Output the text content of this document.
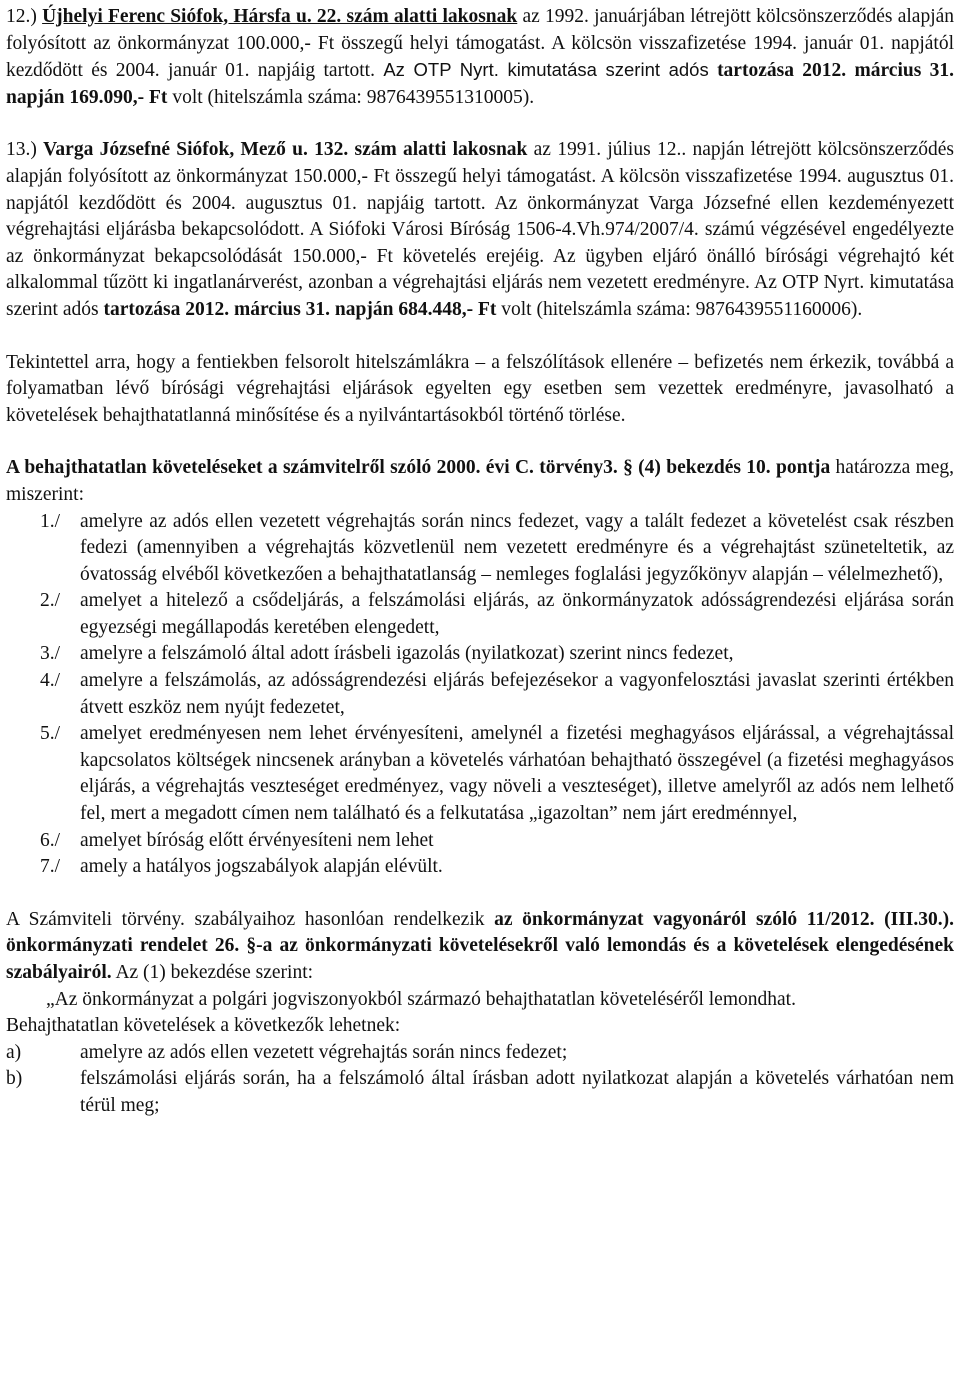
12.) Újhelyi Ferenc Siófok, Hársfa u. 22. szám alatti lakosnak az 1992. januárjában létrejött kölcsönszerződés alapján folyósított az önkormányzat 100.000,- Ft összegű helyi támogatást. A kölcsön visszafizetése 1994. január 01. napjától kezdődött és 2004. január 01. napjáig tartott. Az OTP Nyrt. kimutatása szerint adós tartozása 2012. március 31. napján 169.090,- Ft volt (hitelszámla száma: 9876439551310005).

13.) Varga Józsefné Siófok, Mező u. 132. szám alatti lakosnak az 1991. július 12.. napján létrejött kölcsönszerződés alapján folyósított az önkormányzat 150.000,- Ft összegű helyi támogatást. A kölcsön visszafizetése 1994. augusztus 01. napjától kezdődött és 2004. augusztus 01. napjáig tartott. Az önkormányzat Varga Józsefné ellen kezdeményezett végrehajtási eljárásba bekapcsolódott. A Siófoki Városi Bíróság 1506-4.Vh.974/2007/4. számú végzésével engedélyezte az önkormányzat bekapcsolódását 150.000,- Ft követelés erejéig. Az ügyben eljáró önálló bírósági végrehajtó két alkalommal tűzött ki ingatlanárverést, azonban a végrehajtási eljárás nem vezetett eredményre. Az OTP Nyrt. kimutatása szerint adós tartozása 2012. március 31. napján 684.448,- Ft volt (hitelszámla száma: 9876439551160006).

Tekintettel arra, hogy a fentiekben felsorolt hitelszámlákra – a felszólítások ellenére – befizetés nem érkezik, továbbá a folyamatban lévő bírósági végrehajtási eljárások egyelten egy esetben sem vezettek eredményre, javasolható a követelések behajthatatlanná minősítése és a nyilvántartásokból történő törlése.

A behajthatatlan követeléseket a számvitelről szóló 2000. évi C. törvény3. § (4) bekezdés 10. pontja határozza meg, miszerint:

1./	amelyre az adós ellen vezetett végrehajtás során nincs fedezet, vagy a talált fedezet a követelést csak részben fedezi (amennyiben a végrehajtás közvetlenül nem vezetett eredményre és a végrehajtást szüneteltetik, az óvatosság elvéből következően a behajthatatlanság – nemleges foglalási jegyzőkönyv alapján – vélelmezhető),
2./	amelyet a hitelező a csődeljárás, a felszámolási eljárás, az önkormányzatok adósságrendezési eljárása során egyezségi megállapodás keretében elengedett,
3./	amelyre a felszámoló által adott írásbeli igazolás (nyilatkozat) szerint nincs fedezet,
4./	amelyre a felszámolás, az adósságrendezési eljárás befejezésekor a vagyonfelosztási javaslat szerinti értékben átvett eszköz nem nyújt fedezetet,
5./	amelyet eredményesen nem lehet érvényesíteni, amelynél a fizetési meghagyásos eljárással, a végrehajtással kapcsolatos költségek nincsenek arányban a követelés várhatóan behajtható összegével (a fizetési meghagyásos eljárás, a végrehajtás veszteséget eredményez, vagy növeli a veszteséget), illetve amelyről az adós nem lelhető fel, mert a megadott címen nem található és a felkutatása „igazoltan” nem járt eredménnyel,
6./	amelyet bíróság előtt érvényesíteni nem lehet
7./	amely a hatályos jogszabályok alapján elévült.

A Számviteli törvény. szabályaihoz hasonlóan rendelkezik az önkormányzat vagyonáról szóló 11/2012. (III.30.). önkormányzati rendelet 26. §-a az önkormányzati követelésekről való lemondás és a követelések elengedésének szabályairól. Az (1) bekezdése szerint:

„Az önkormányzat a polgári jogviszonyokból származó behajthatatlan követeléséről lemondhat.

Behajthatatlan követelések a következők lehetnek:

a)	amelyre az adós ellen vezetett végrehajtás során nincs fedezet;
b)	felszámolási eljárás során, ha a felszámoló által írásban adott nyilatkozat alapján a követelés várhatóan nem térül meg;
